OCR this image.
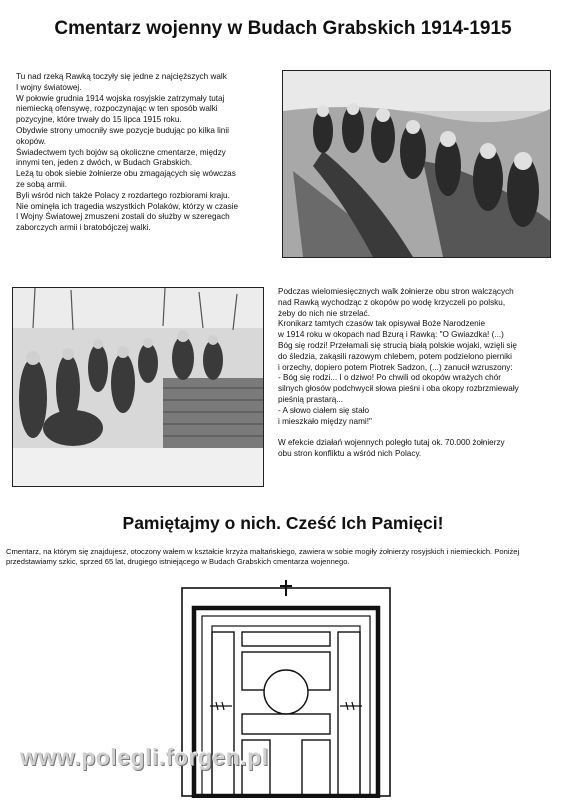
Cmentarz wojenny w Budach Grabskich 1914-1915
Tu nad rzeką Rawką toczyły się jedne z najcięższych walk
I wojny światowej.
W połowie grudnia 1914 wojska rosyjskie zatrzymały tutaj
niemiecką ofensywę, rozpoczynając w ten sposób walki
pozycyjne, które trwały do 15 lipca 1915 roku.
Obydwie strony umocniły swe pozycje budując po kilka linii
okopów.
Świadectwem tych bojów są okoliczne cmentarze, między
innymi ten, jeden z dwóch, w Budach Grabskich.
Leżą tu obok siebie żołnierze obu zmagających się wówczas
ze sobą armii.
Byli wśród nich także Polacy z rozdartego rozbiorami kraju.
Nie ominęła ich tragedia wszystkich Polaków, którzy w czasie
I Wojny Światowej zmuszeni zostali do służby w szeregach
zaborczych armii i bratobójczej walki.
Podczas wielomiesięcznych walk żołnierze obu stron walczących
nad Rawką wychodząc z okopów po wodę krzyczeli po polsku,
żeby do nich nie strzelać.
Kronikarz tamtych czasów tak opisywał Boże Narodzenie
w 1914 roku w okopach nad Bzurą i Rawką: "O Gwiazdka! (...)
Bóg się rodzi! Przełamali się strucią białą polskie wojaki, wzięli się
do śledzia, zakąsili razowym chlebem, potem podzielono pierniki
i orzechy, dopiero potem Piotrek Sadzon, (...) zanucił wzruszony:
- Bóg się rodzi... I o dziwo! Po chwili od okopów wrażych chór
silnych głosów podchwycił słowa pieśni i oba okopy rozbrzmiewały
pieśnią prastarą...
- A słowo ciałem się stało
i mieszkało między nami!"

W efekcie działań wojennych poległo tutaj ok. 70.000 żołnierzy
obu stron konfliktu a wśród nich Polacy.
Pamiętajmy o nich. Cześć Ich Pamięci!
Cmentarz, na którym się znajdujesz, otoczony wałem w kształcie krzyża maltańskiego, zawiera w sobie mogiły żołnierzy rosyjskich i niemieckich. Poniżej przedstawiamy szkic, sprzed 65 lat, drugiego istniejącego w Budach Grabskich cmentarza wojennego.
www.polegli.forgen.pl
